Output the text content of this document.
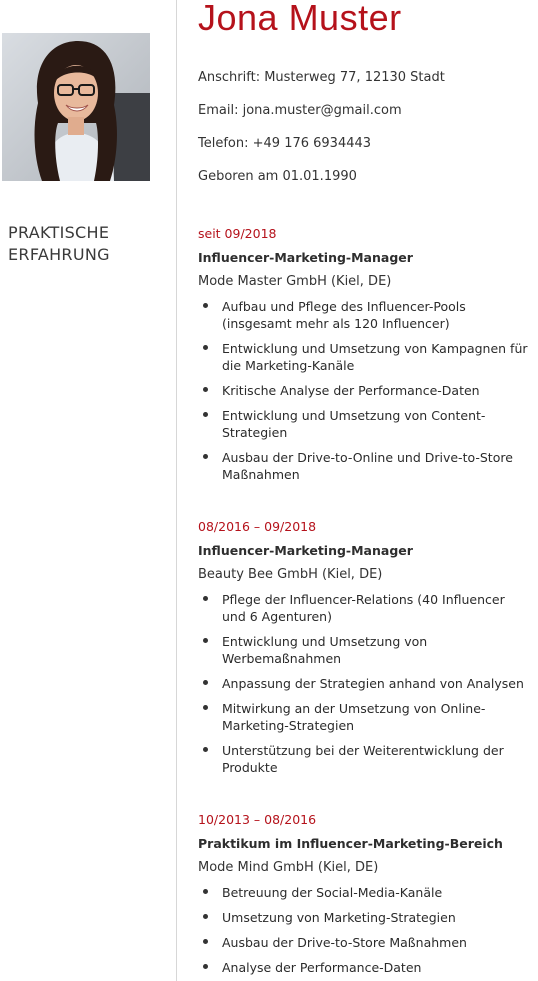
Jona Muster
Anschrift: Musterweg 77, 12130 Stadt
Email: jona.muster@gmail.com
Telefon: +49 176 6934443
Geboren am 01.01.1990
PRAKTISCHE
ERFAHRUNG
seit 09/2018
Influencer-Marketing-Manager
Mode Master GmbH (Kiel, DE)
Aufbau und Pflege des Influencer-Pools
(insgesamt mehr als 120 Influencer)
Entwicklung und Umsetzung von Kampagnen für
die Marketing-Kanäle
Kritische Analyse der Performance-Daten
Entwicklung und Umsetzung von Content-
Strategien
Ausbau der Drive-to-Online und Drive-to-Store
Maßnahmen
08/2016 – 09/2018
Influencer-Marketing-Manager
Beauty Bee GmbH (Kiel, DE)
Pflege der Influencer-Relations (40 Influencer
und 6 Agenturen)
Entwicklung und Umsetzung von
Werbemaßnahmen
Anpassung der Strategien anhand von Analysen
Mitwirkung an der Umsetzung von Online-
Marketing-Strategien
Unterstützung bei der Weiterentwicklung der
Produkte
10/2013 – 08/2016
Praktikum im Influencer-Marketing-Bereich
Mode Mind GmbH (Kiel, DE)
Betreuung der Social-Media-Kanäle
Umsetzung von Marketing-Strategien
Ausbau der Drive-to-Store Maßnahmen
Analyse der Performance-Daten
